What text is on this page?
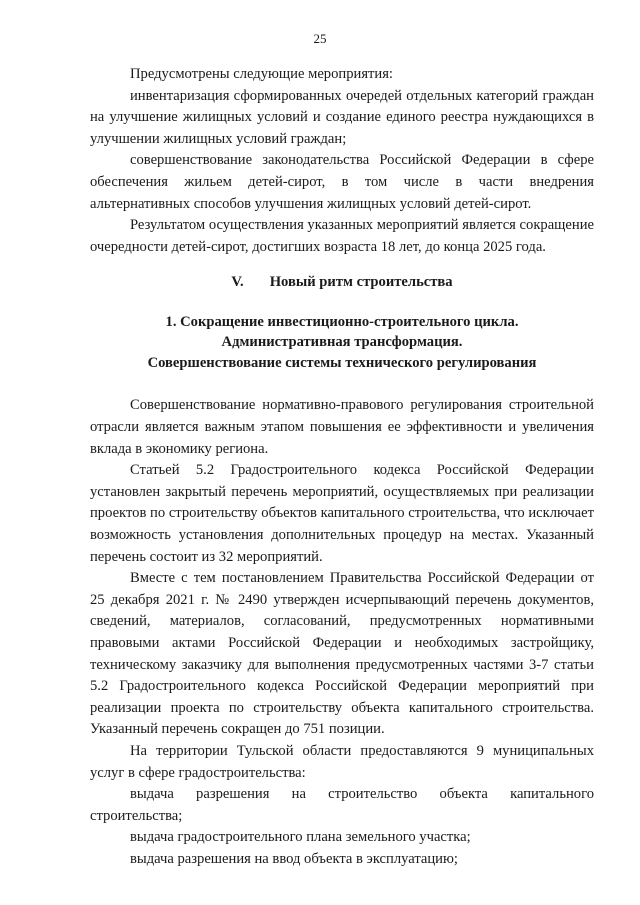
25

Предусмотрены следующие мероприятия:

инвентаризация сформированных очередей отдельных категорий граждан на улучшение жилищных условий и создание единого реестра нуждающихся в улучшении жилищных условий граждан;

совершенствование законодательства Российской Федерации в сфере обеспечения жильем детей-сирот, в том числе в части внедрения альтернативных способов улучшения жилищных условий детей-сирот.

Результатом осуществления указанных мероприятий является сокращение очередности детей-сирот, достигших возраста 18 лет, до конца 2025 года.

V. Новый ритм строительства
1. Сокращение инвестиционно-строительного цикла.
Административная трансформация.
Совершенствование системы технического регулирования

Совершенствование нормативно-правового регулирования строительной отрасли является важным этапом повышения ее эффективности и увеличения вклада в экономику региона.

Статьей 5.2 Градостроительного кодекса Российской Федерации установлен закрытый перечень мероприятий, осуществляемых при реализации проектов по строительству объектов капитального строительства, что исключает возможность установления дополнительных процедур на местах. Указанный перечень состоит из 32 мероприятий.

Вместе с тем постановлением Правительства Российской Федерации от 25 декабря 2021 г. № 2490 утвержден исчерпывающий перечень документов, сведений, материалов, согласований, предусмотренных нормативными правовыми актами Российской Федерации и необходимых застройщику, техническому заказчику для выполнения предусмотренных частями 3-7 статьи 5.2 Градостроительного кодекса Российской Федерации мероприятий при реализации проекта по строительству объекта капитального строительства. Указанный перечень сокращен до 751 позиции.

На территории Тульской области предоставляются 9 муниципальных услуг в сфере градостроительства:

выдача разрешения на строительство объекта капитального строительства;

выдача градостроительного плана земельного участка;

выдача разрешения на ввод объекта в эксплуатацию;
